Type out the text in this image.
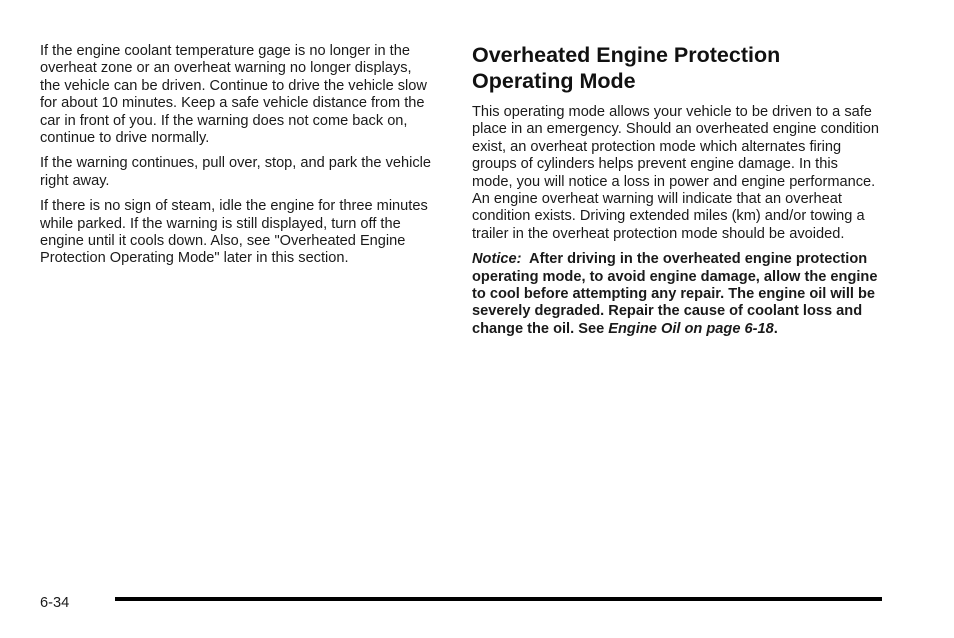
If the engine coolant temperature gage is no longer in the overheat zone or an overheat warning no longer displays, the vehicle can be driven. Continue to drive the vehicle slow for about 10 minutes. Keep a safe vehicle distance from the car in front of you. If the warning does not come back on, continue to drive normally.

If the warning continues, pull over, stop, and park the vehicle right away.

If there is no sign of steam, idle the engine for three minutes while parked. If the warning is still displayed, turn off the engine until it cools down. Also, see "Overheated Engine Protection Operating Mode" later in this section.

Overheated Engine Protection Operating Mode

This operating mode allows your vehicle to be driven to a safe place in an emergency. Should an overheated engine condition exist, an overheat protection mode which alternates firing groups of cylinders helps prevent engine damage. In this mode, you will notice a loss in power and engine performance. An engine overheat warning will indicate that an overheat condition exists. Driving extended miles (km) and/or towing a trailer in the overheat protection mode should be avoided.

Notice: After driving in the overheated engine protection operating mode, to avoid engine damage, allow the engine to cool before attempting any repair. The engine oil will be severely degraded. Repair the cause of coolant loss and change the oil. See Engine Oil on page 6-18.

6-34
